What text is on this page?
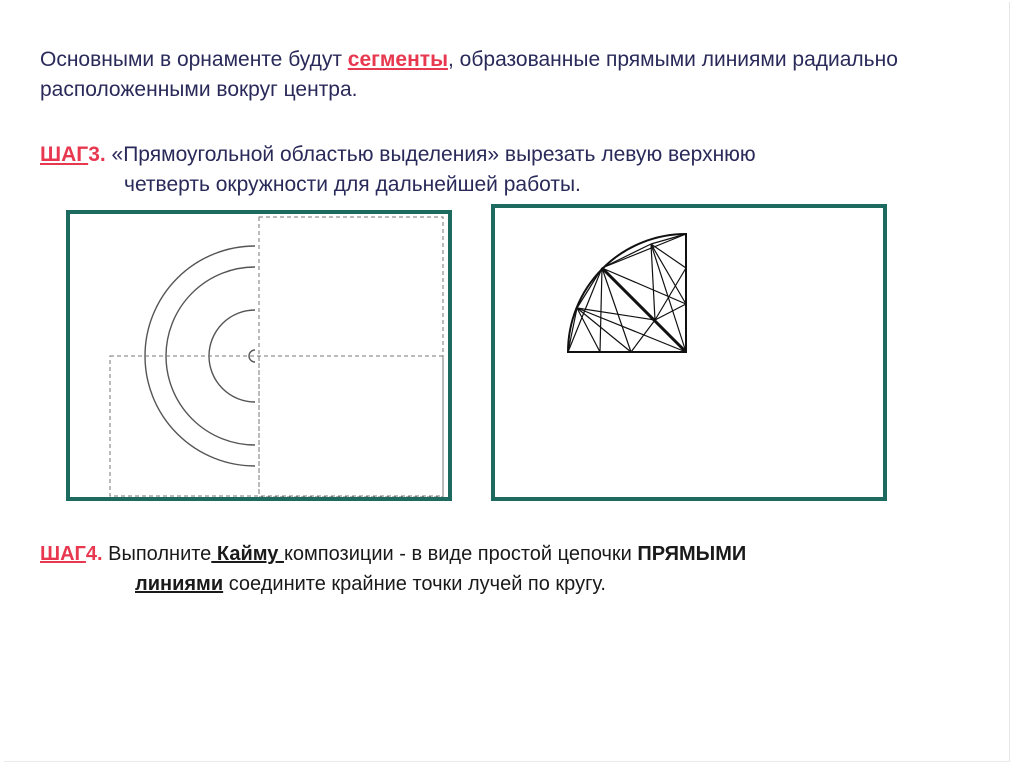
Основными в орнаменте будут сегменты, образованные прямыми линиями радиально расположенными вокруг центра.
ШАГ3. «Прямоугольной областью выделения» вырезать левую верхнюю
четверть окружности для дальнейшей работы.
ШАГ4. Выполните Кайму композиции - в виде простой цепочки ПРЯМЫМИ
линиями соедините крайние точки лучей по кругу.
